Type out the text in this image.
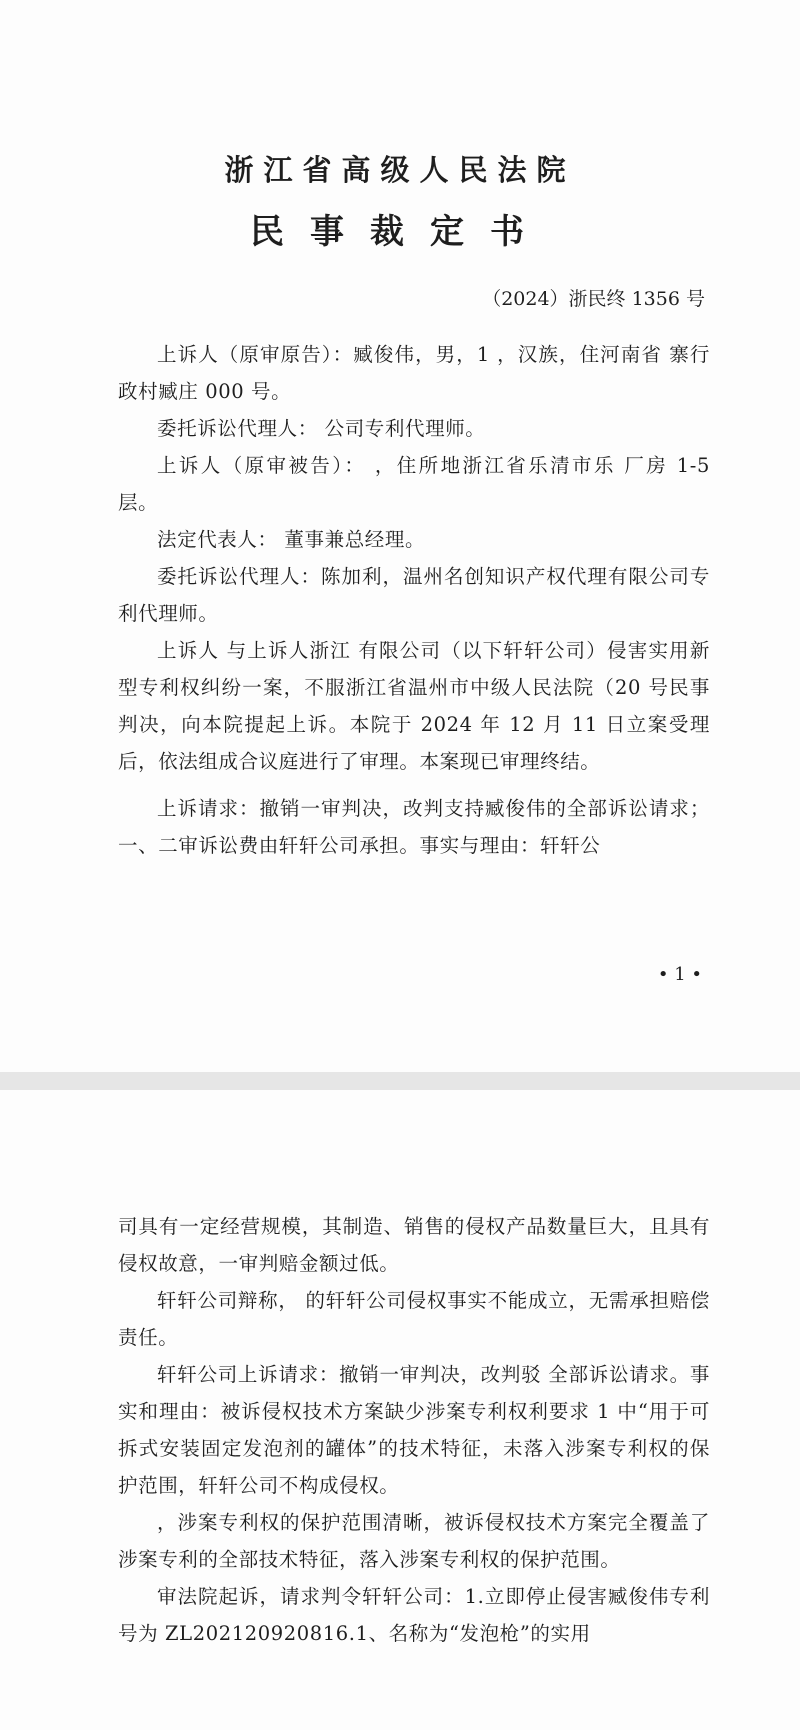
浙江省高级人民法院
民事裁定书
（2024）浙民终 1356 号

上诉人（原审原告）：臧俊伟，男，1 ，汉族，住河南省 寨行政村臧庄 000 号。

委托诉讼代理人： 公司专利代理师。

上诉人（原审被告）： ，住所地浙江省乐清市乐 厂房 1-5 层。

法定代表人： 董事兼总经理。

委托诉讼代理人：陈加利，温州名创知识产权代理有限公司专利代理师。

上诉人 与上诉人浙江 有限公司（以下轩轩公司）侵害实用新型专利权纠纷一案，不服浙江省温州市中级人民法院（20 号民事判决，向本院提起上诉。本院于 2024 年 12 月 11 日立案受理后，依法组成合议庭进行了审理。本案现已审理终结。

上诉请求：撤销一审判决，改判支持臧俊伟的全部诉讼请求；一、二审诉讼费由轩轩公司承担。事实与理由：轩轩公

• 1 •

司具有一定经营规模，其制造、销售的侵权产品数量巨大，且具有侵权故意，一审判赔金额过低。

轩轩公司辩称， 的轩轩公司侵权事实不能成立，无需承担赔偿责任。

轩轩公司上诉请求：撤销一审判决，改判驳 全部诉讼请求。事实和理由：被诉侵权技术方案缺少涉案专利权利要求 1 中“用于可拆式安装固定发泡剂的罐体”的技术特征，未落入涉案专利权的保护范围，轩轩公司不构成侵权。

，涉案专利权的保护范围清晰，被诉侵权技术方案完全覆盖了涉案专利的全部技术特征，落入涉案专利权的保护范围。

审法院起诉，请求判令轩轩公司：1.立即停止侵害臧俊伟专利号为 ZL202120920816.1、名称为“发泡枪”的实用
